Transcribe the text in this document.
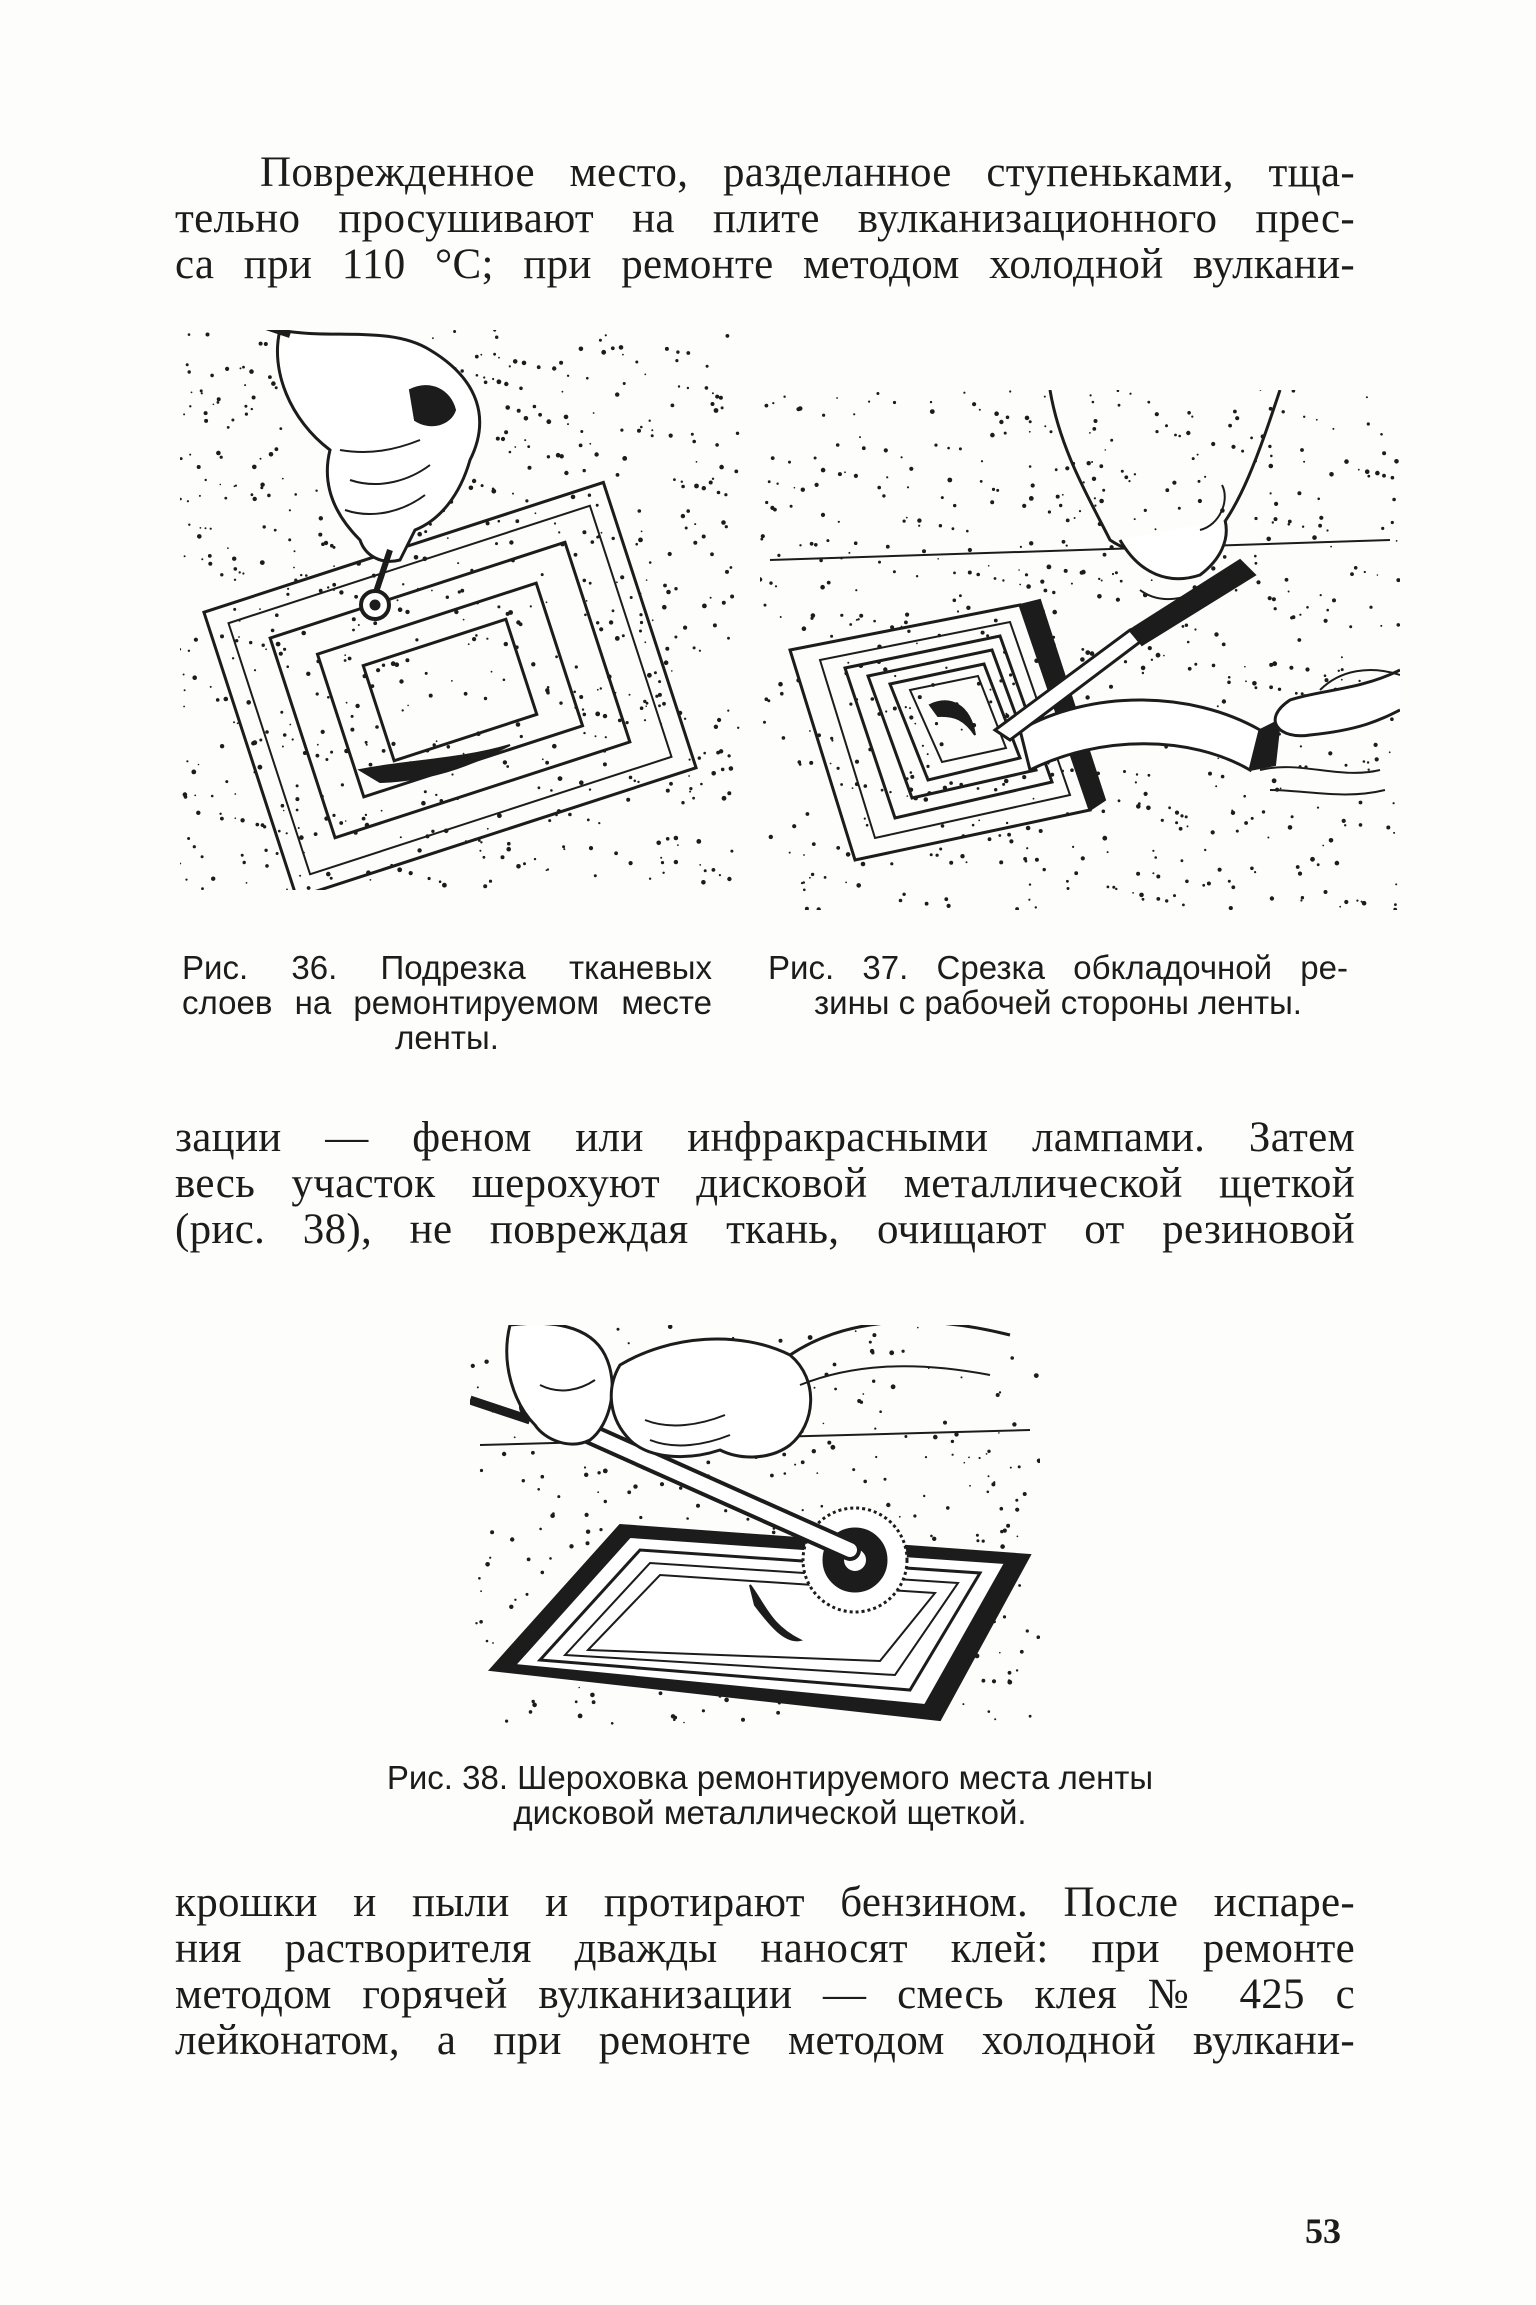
Поврежденное место, разделанное ступеньками, тща-
тельно просушивают на плите вулканизационного прес-
са при 110 °С; при ремонте методом холодной вулкани-

Рис. 36. Подрезка тканевых
слоев на ремонтируемом месте
ленты.

Рис. 37. Срезка обкладочной ре-
зины с рабочей стороны ленты.

зации — феном или инфракрасными лампами. Затем
весь участок шерохуют дисковой металлической щеткой
(рис. 38), не повреждая ткань, очищают от резиновой

Рис. 38. Шероховка ремонтируемого места ленты
дисковой металлической щеткой.

крошки и пыли и протирают бензином. После испаре-
ния растворителя дважды наносят клей: при ремонте
методом горячей вулканизации — смесь клея № 425 с
лейконатом, а при ремонте методом холодной вулкани-

53
